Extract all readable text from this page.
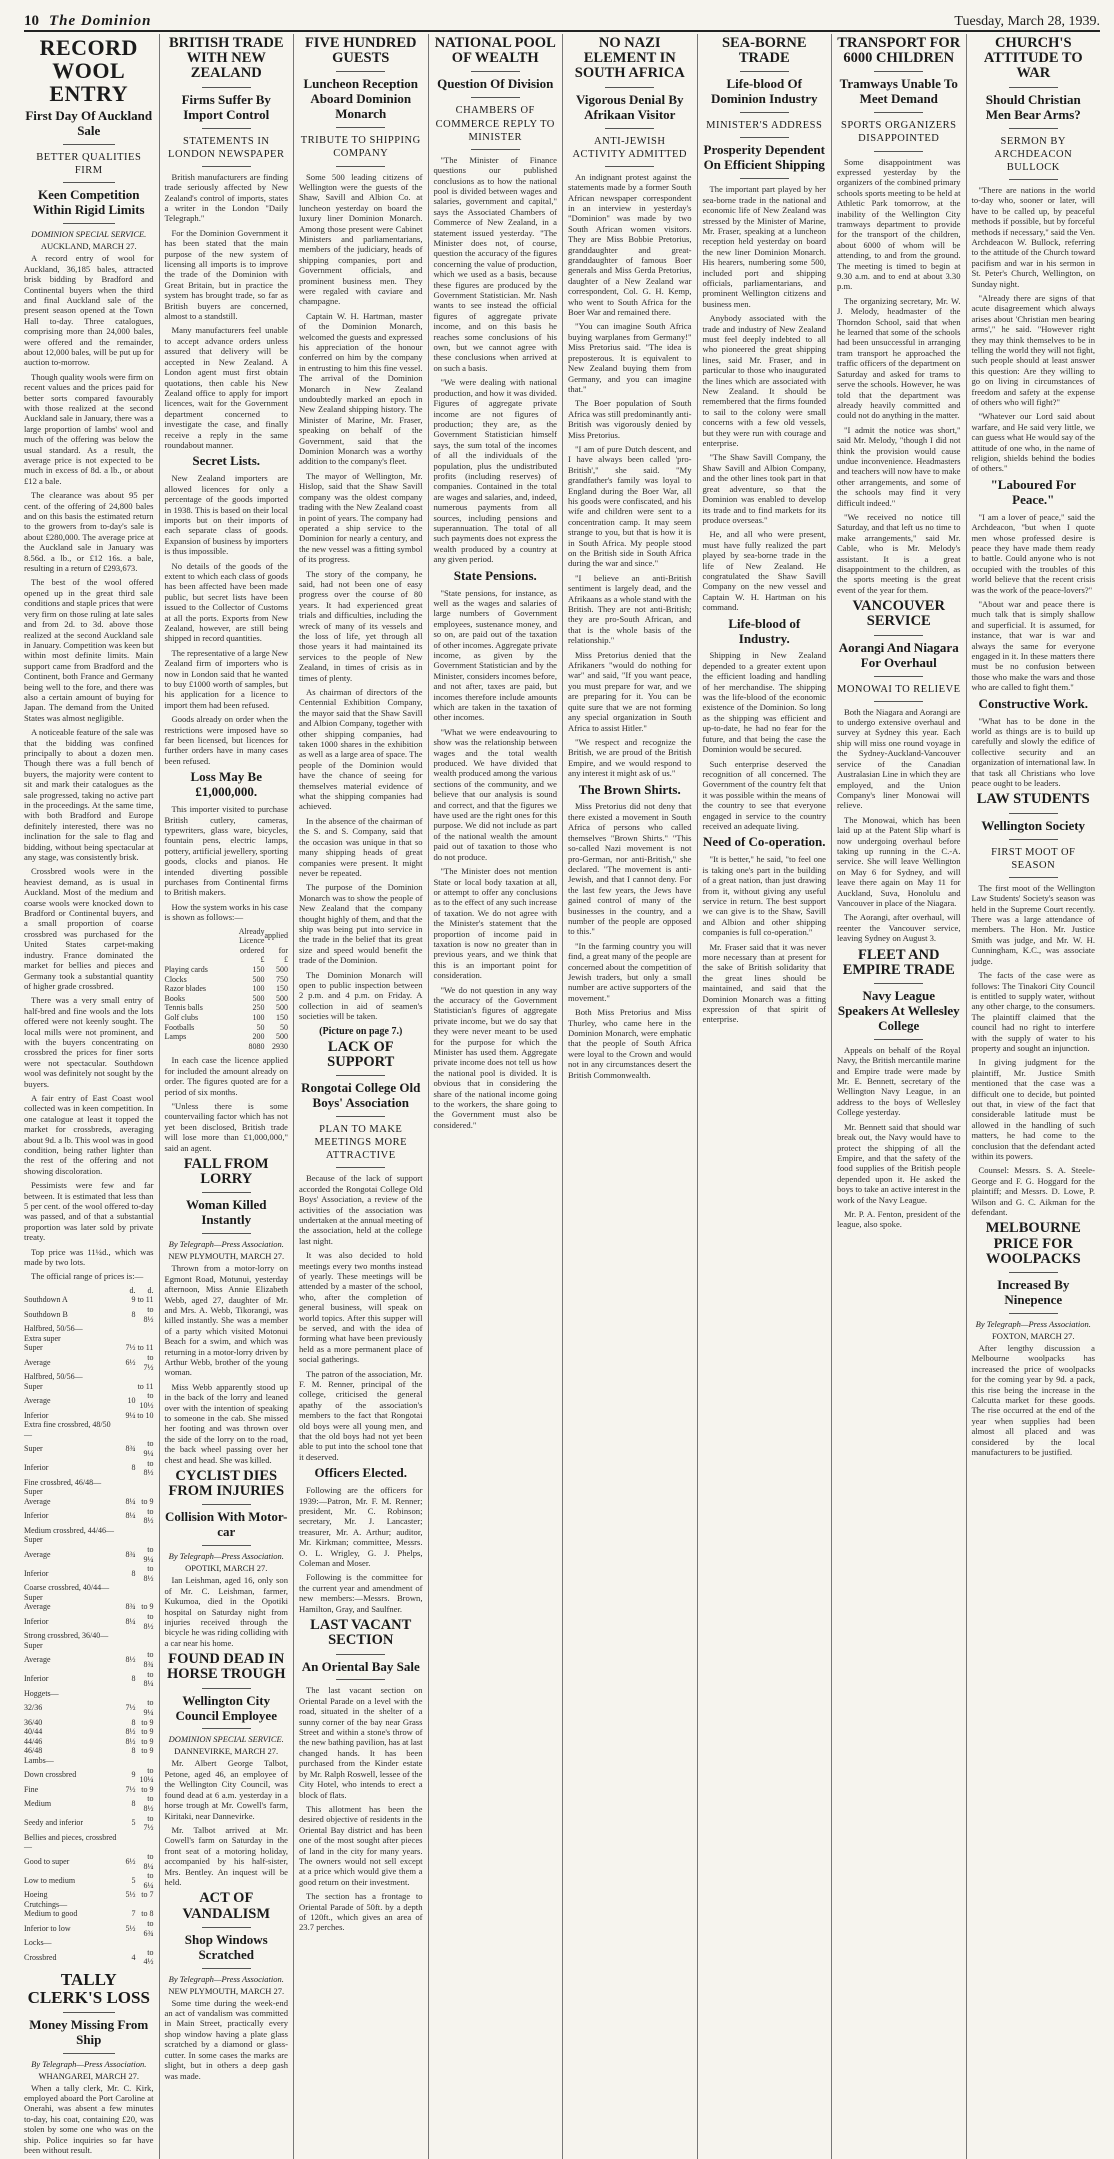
10 The Dominion	Tuesday, March 28, 1939.
RECORD WOOL ENTRY
First Day Of Auckland Sale
BETTER QUALITIES FIRM
Keen Competition Within Rigid Limits
DOMINION SPECIAL SERVICE.
AUCKLAND, MARCH 27.
A record entry of wool for Auckland, 36,185 bales, attracted brisk bidding by Bradford and Continental buyers when the third and final Auckland sale of the present season opened at the Town Hall to-day. Three catalogues, comprising more than 24,000 bales, were offered and the remainder, about 12,000 bales, will be put up for auction to-morrow.
Though quality wools were firm on recent values and the prices paid for better sorts compared favourably with those realized at the second Auckland sale in January, there was a large proportion of lambs' wool and much of the offering was below the usual standard. As a result, the average price is not expected to be much in excess of 8d. a lb., or about £12 a bale.
The clearance was about 95 per cent. of the offering of 24,800 bales and on this basis the estimated return to the growers from to-day's sale is about £280,000. The average price at the Auckland sale in January was 8.56d. a lb., or £12 16s. a bale, resulting in a return of £293,673.
The best of the wool offered opened up in the great third sale conditions and staple prices that were very firm on those ruling at late sales and from 2d. to 3d. above those realized at the second Auckland sale in January. Competition was keen but within most definite limits. Main support came from Bradford and the Continent, both France and Germany being well to the fore, and there was also a certain amount of buying for Japan. The demand from the United States was almost negligible.
A noticeable feature of the sale was that the bidding was confined principally to about a dozen men. Though there was a full bench of buyers, the majority were content to sit and mark their catalogues as the sale progressed, taking no active part in the proceedings. At the same time, with both Bradford and Europe definitely interested, there was no inclination for the sale to flag and bidding, without being spectacular at any stage, was consistently brisk.
Crossbred wools were in the heaviest demand, as is usual in Auckland. Most of the medium and coarse wools were knocked down to Bradford or Continental buyers, and a small proportion of coarse crossbred was purchased for the United States carpet-making industry. France dominated the market for bellies and pieces and Germany took a substantial quantity of higher grade crossbred.
There was a very small entry of half-bred and fine wools and the lots offered were not keenly sought. The local mills were not prominent, and with the buyers concentrating on crossbred the prices for finer sorts were not spectacular. Southdown wool was definitely not sought by the buyers.
A fair entry of East Coast wool collected was in keen competition. In one catalogue at least it topped the market for crossbreds, averaging about 9d. a lb. This wool was in good condition, being rather lighter than the rest of the offering and not showing discoloration.
Pessimists were few and far between. It is estimated that less than 5 per cent. of the wool offered to-day was passed, and of that a substantial proportion was later sold by private treaty.
Top price was 11¼d., which was made by two lots.
The official range of prices is:—
	d.	d.
Southdown A	9	to 11
Southdown B	8	to 8½
Halfbred, 50/56—		
Extra super		
Super	7½	to 11
Average	6½	to 7½
Halfbred, 50/56—		
Super		to 11
Average	10	to 10½
Inferior	9¼	to 10
Extra fine crossbred, 48/50—		
Super	8¾	to 9¼
Inferior	8	to 8½
Fine crossbred, 46/48—		
Super		
Average	8¼	to 9
Inferior	8¼	to 8½
Medium crossbred, 44/46—		
Super		
Average	8¾	to 9¼
Inferior	8	to 8½
Coarse crossbred, 40/44—		
Super		
Average	8¾	to 9
Inferior	8¼	to 8½
Strong crossbred, 36/40—		
Super		
Average	8½	to 8¾
Inferior	8	to 8¼
Hoggets—		
32/36	7½	to 9¼
36/40	8	to 9
40/44	8½	to 9
44/46	8½	to 9
46/48	8	to 9
Lambs—		
Down crossbred	9	to 10¼
Fine	7½	to 9
Medium	8	to 8½
Seedy and inferior	5	to 7½
Bellies and pieces, crossbred—		
Good to super	6½	to 8¼
Low to medium	5	to 6¼
Hoeing	5½	to 7
Crutchings—		
Medium to good	7	to 8
Inferior to low	5½	to 6¾
Locks—		
Crossbred	4	to 4½
TALLY CLERK'S LOSS
Money Missing From Ship
By Telegraph—Press Association.
WHANGAREI, MARCH 27.
When a tally clerk, Mr. C. Kirk, employed aboard the Port Caroline at Onerahi, was absent a few minutes to-day, his coat, containing £20, was stolen by some one who was on the ship. Police inquiries so far have been without result.
BRITISH TRADE WITH NEW ZEALAND
Firms Suffer By Import Control
STATEMENTS IN LONDON NEWSPAPER
British manufacturers are finding trade seriously affected by New Zealand's control of imports, states a writer in the London "Daily Telegraph."
For the Dominion Government it has been stated that the main purpose of the new system of licensing all imports is to improve the trade of the Dominion with Great Britain, but in practice the system has brought trade, so far as British buyers are concerned, almost to a standstill.
Many manufacturers feel unable to accept advance orders unless assured that delivery will be accepted in New Zealand. A London agent must first obtain quotations, then cable his New Zealand office to apply for import licences, wait for the Government department concerned to investigate the case, and finally receive a reply in the same roundabout manner.
Secret Lists.
New Zealand importers are allowed licences for only a percentage of the goods imported in 1938. This is based on their local imports but on their imports of each separate class of goods. Expansion of business by importers is thus impossible.
No details of the goods of the extent to which each class of goods has been affected have been made public, but secret lists have been issued to the Collector of Customs at all the ports. Exports from New Zealand, however, are still being shipped in record quantities.
The representative of a large New Zealand firm of importers who is now in London said that he wanted to buy £1000 worth of samples, but his application for a licence to import them had been refused.
Goods already on order when the restrictions were imposed have so far been licensed, but licences for further orders have in many cases been refused.
Loss May Be £1,000,000.
This importer visited to purchase British cutlery, cameras, typewriters, glass ware, bicycles, fountain pens, electric lamps, pottery, artificial jewellery, sporting goods, clocks and pianos. He intended diverting possible purchases from Continental firms to British makers.
How the system works in his case is shown as follows:—
	Already Licence	applied
	ordered	for
	£	£
Playing cards	150	500
Clocks	500	750
Razor blades	100	150
Books	500	500
Tennis balls	250	500
Golf clubs	100	150
Footballs	50	50
Lamps	200	500
	8080	2930
In each case the licence applied for included the amount already on order. The figures quoted are for a period of six months.
"Unless there is some countervailing factor which has not yet been disclosed, British trade will lose more than £1,000,000," said an agent.
FALL FROM LORRY
Woman Killed Instantly
By Telegraph—Press Association.
NEW PLYMOUTH, MARCH 27.
Thrown from a motor-lorry on Egmont Road, Motunui, yesterday afternoon, Miss Annie Elizabeth Webb, aged 27, daughter of Mr. and Mrs. A. Webb, Tikorangi, was killed instantly. She was a member of a party which visited Motonui Beach for a swim, and which was returning in a motor-lorry driven by Arthur Webb, brother of the young woman.
Miss Webb apparently stood up in the back of the lorry and leaned over with the intention of speaking to someone in the cab. She missed her footing and was thrown over the side of the lorry on to the road, the back wheel passing over her chest and head. She was killed.
CYCLIST DIES FROM INJURIES
Collision With Motor-car
By Telegraph—Press Association.
OPOTIKI, MARCH 27.
Ian Leishman, aged 16, only son of Mr. C. Leishman, farmer, Kukumoa, died in the Opotiki hospital on Saturday night from injuries received through the bicycle he was riding colliding with a car near his home.
FOUND DEAD IN HORSE TROUGH
Wellington City Council Employee
DOMINION SPECIAL SERVICE.
DANNEVIRKE, MARCH 27.
Mr. Albert George Talbot, Petone, aged 46, an employee of the Wellington City Council, was found dead at 6 a.m. yesterday in a horse trough at Mr. Cowell's farm, Kiritaki, near Dannevirke.
Mr. Talbot arrived at Mr. Cowell's farm on Saturday in the front seat of a motoring holiday, accompanied by his half-sister, Mrs. Bentley. An inquest will be held.
ACT OF VANDALISM
Shop Windows Scratched
By Telegraph—Press Association.
NEW PLYMOUTH, MARCH 27.
Some time during the week-end an act of vandalism was committed in Main Street, practically every shop window having a plate glass scratched by a diamond or glass-cutter. In some cases the marks are slight, but in others a deep gash was made.
FIVE HUNDRED GUESTS
Luncheon Reception Aboard Dominion Monarch
TRIBUTE TO SHIPPING COMPANY
Some 500 leading citizens of Wellington were the guests of the Shaw, Savill and Albion Co. at luncheon yesterday on board the luxury liner Dominion Monarch. Among those present were Cabinet Ministers and parliamentarians, members of the judiciary, heads of shipping companies, port and Government officials, and prominent business men. They were regaled with caviare and champagne.
Captain W. H. Hartman, master of the Dominion Monarch, welcomed the guests and expressed his appreciation of the honour conferred on him by the company in entrusting to him this fine vessel. The arrival of the Dominion Monarch in New Zealand undoubtedly marked an epoch in New Zealand shipping history. The Minister of Marine, Mr. Fraser, speaking on behalf of the Government, said that the Dominion Monarch was a worthy addition to the company's fleet.
The mayor of Wellington, Mr. Hislop, said that the Shaw Savill company was the oldest company trading with the New Zealand coast in point of years. The company had operated a ship service to the Dominion for nearly a century, and the new vessel was a fitting symbol of its progress.
The story of the company, he said, had not been one of easy progress over the course of 80 years. It had experienced great trials and difficulties, including the wreck of many of its vessels and the loss of life, yet through all those years it had maintained its services to the people of New Zealand, in times of crisis as in times of plenty.
As chairman of directors of the Centennial Exhibition Company, the mayor said that the Shaw Savill and Albion Company, together with other shipping companies, had taken 1000 shares in the exhibition as well as a large area of space. The people of the Dominion would have the chance of seeing for themselves material evidence of what the shipping companies had achieved.
In the absence of the chairman of the S. and S. Company, said that the occasion was unique in that so many shipping heads of great companies were present. It might never be repeated.
The purpose of the Dominion Monarch was to show the people of New Zealand that the company thought highly of them, and that the ship was being put into service in the trade in the belief that its great size and speed would benefit the trade of the Dominion.
The Dominion Monarch will open to public inspection between 2 p.m. and 4 p.m. on Friday. A collection in aid of seamen's societies will be taken.
(Picture on page 7.)
LACK OF SUPPORT
Rongotai College Old Boys' Association
PLAN TO MAKE MEETINGS MORE ATTRACTIVE
Because of the lack of support accorded the Rongotai College Old Boys' Association, a review of the activities of the association was undertaken at the annual meeting of the association, held at the college last night.
It was also decided to hold meetings every two months instead of yearly. These meetings will be attended by a master of the school, who, after the completion of general business, will speak on world topics. After this supper will be served, and with the idea of forming what have been previously held as a more permanent place of social gatherings.
The patron of the association, Mr. F. M. Renner, principal of the college, criticised the general apathy of the association's members to the fact that Rongotai old boys were all young men, and that the old boys had not yet been able to put into the school tone that it deserved.
Officers Elected.
Following are the officers for 1939:—Patron, Mr. F. M. Renner; president, Mr. C. Robinson; secretary, Mr. J. Lancaster; treasurer, Mr. A. Arthur; auditor, Mr. Kirkman; committee, Messrs. O. L. Wrigley, G. J. Phelps, Coleman and Moser.
Following is the committee for the current year and amendment of new members:—Messrs. Brown, Hamilton, Gray, and Saulfner.
LAST VACANT SECTION
An Oriental Bay Sale
The last vacant section on Oriental Parade on a level with the road, situated in the shelter of a sunny corner of the bay near Grass Street and within a stone's throw of the new bathing pavilion, has at last changed hands. It has been purchased from the Kinder estate by Mr. Ralph Roswell, lessee of the City Hotel, who intends to erect a block of flats.
This allotment has been the desired objective of residents in the Oriental Bay district and has been one of the most sought after pieces of land in the city for many years. The owners would not sell except at a price which would give them a good return on their investment.
The section has a frontage to Oriental Parade of 50ft. by a depth of 120ft., which gives an area of 23.7 perches.
NATIONAL POOL OF WEALTH
Question Of Division
CHAMBERS OF COMMERCE REPLY TO MINISTER
"The Minister of Finance questions our published conclusions as to how the national pool is divided between wages and salaries, government and capital," says the Associated Chambers of Commerce of New Zealand, in a statement issued yesterday. "The Minister does not, of course, question the accuracy of the figures concerning the value of production, which we used as a basis, because these figures are produced by the Government Statistician. Mr. Nash wants to see instead the official figures of aggregate private income, and on this basis he reaches some conclusions of his own, but we cannot agree with these conclusions when arrived at on such a basis.
"We were dealing with national production, and how it was divided. Figures of aggregate private income are not figures of production; they are, as the Government Statistician himself says, the sum total of the incomes of all the individuals of the population, plus the undistributed profits (including reserves) of companies. Contained in the total are wages and salaries, and, indeed, numerous payments from all sources, including pensions and superannuation. The total of all such payments does not express the wealth produced by a country at any given period.
State Pensions.
"State pensions, for instance, as well as the wages and salaries of large numbers of Government employees, sustenance money, and so on, are paid out of the taxation of other incomes. Aggregate private income, as given by the Government Statistician and by the Minister, considers incomes before, and not after, taxes are paid, but incomes therefore include amounts which are taken in the taxation of other incomes.
"What we were endeavouring to show was the relationship between wages and the total wealth produced. We have divided that wealth produced among the various sections of the community, and we believe that our analysis is sound and correct, and that the figures we have used are the right ones for this purpose. We did not include as part of the national wealth the amount paid out of taxation to those who do not produce.
"The Minister does not mention State or local body taxation at all, or attempt to offer any conclusions as to the effect of any such increase of taxation. We do not agree with the Minister's statement that the proportion of income paid in taxation is now no greater than in previous years, and we think that this is an important point for consideration.
"We do not question in any way the accuracy of the Government Statistician's figures of aggregate private income, but we do say that they were never meant to be used for the purpose for which the Minister has used them. Aggregate private income does not tell us how the national pool is divided. It is obvious that in considering the share of the national income going to the workers, the share going to the Government must also be considered."
NO NAZI ELEMENT IN SOUTH AFRICA
Vigorous Denial By Afrikaan Visitor
ANTI-JEWISH ACTIVITY ADMITTED
An indignant protest against the statements made by a former South African newspaper correspondent in an interview in yesterday's "Dominion" was made by two South African women visitors. They are Miss Bobbie Pretorius, granddaughter and great-granddaughter of famous Boer generals and Miss Gerda Pretorius, daughter of a New Zealand war correspondent, Col. G. H. Kemp, who went to South Africa for the Boer War and remained there.
"You can imagine South Africa buying warplanes from Germany!" Miss Pretorius said. "The idea is preposterous. It is equivalent to New Zealand buying them from Germany, and you can imagine that."
The Boer population of South Africa was still predominantly anti-British was vigorously denied by Miss Pretorius.
"I am of pure Dutch descent, and I have always been called 'pro-British'," she said. "My grandfather's family was loyal to England during the Boer War, all his goods were confiscated, and his wife and children were sent to a concentration camp. It may seem strange to you, but that is how it is in South Africa. My people stood on the British side in South Africa during the war and since."
"I believe an anti-British sentiment is largely dead, and the Afrikaans as a whole stand with the British. They are not anti-British; they are pro-South African, and that is the whole basis of the relationship."
Miss Pretorius denied that the Afrikaners "would do nothing for war" and said, "If you want peace, you must prepare for war, and we are preparing for it. You can be quite sure that we are not forming any special organization in South Africa to assist Hitler."
"We respect and recognize the British, we are proud of the British Empire, and we would respond to any interest it might ask of us."
The Brown Shirts.
Miss Pretorius did not deny that there existed a movement in South Africa of persons who called themselves "Brown Shirts." "This so-called Nazi movement is not pro-German, nor anti-British," she declared. "The movement is anti-Jewish, and that I cannot deny. For the last few years, the Jews have gained control of many of the businesses in the country, and a number of the people are opposed to this."
"In the farming country you will find, a great many of the people are concerned about the competition of Jewish traders, but only a small number are active supporters of the movement."
Both Miss Pretorius and Miss Thurley, who came here in the Dominion Monarch, were emphatic that the people of South Africa were loyal to the Crown and would not in any circumstances desert the British Commonwealth.
SEA-BORNE TRADE
Life-blood Of Dominion Industry
MINISTER'S ADDRESS
Prosperity Dependent On Efficient Shipping
The important part played by her sea-borne trade in the national and economic life of New Zealand was stressed by the Minister of Marine, Mr. Fraser, speaking at a luncheon reception held yesterday on board the new liner Dominion Monarch. His hearers, numbering some 500, included port and shipping officials, parliamentarians, and prominent Wellington citizens and business men.
Anybody associated with the trade and industry of New Zealand must feel deeply indebted to all who pioneered the great shipping lines, said Mr. Fraser, and in particular to those who inaugurated the lines which are associated with New Zealand. It should be remembered that the firms founded to sail to the colony were small concerns with a few old vessels, but they were run with courage and enterprise.
"The Shaw Savill Company, the Shaw Savill and Albion Company, and the other lines took part in that great adventure, so that the Dominion was enabled to develop its trade and to find markets for its produce overseas."
He, and all who were present, must have fully realized the part played by sea-borne trade in the life of New Zealand. He congratulated the Shaw Savill Company on the new vessel and Captain W. H. Hartman on his command.
Life-blood of Industry.
Shipping in New Zealand depended to a greater extent upon the efficient loading and handling of her merchandise. The shipping was the life-blood of the economic existence of the Dominion. So long as the shipping was efficient and up-to-date, he had no fear for the future, and that being the case the Dominion would be secured.
Such enterprise deserved the recognition of all concerned. The Government of the country felt that it was possible within the means of the country to see that everyone engaged in service to the country received an adequate living.
Need of Co-operation.
"It is better," he said, "to feel one is taking one's part in the building of a great nation, than just drawing from it, without giving any useful service in return. The best support we can give is to the Shaw, Savill and Albion and other shipping companies is full co-operation."
Mr. Fraser said that it was never more necessary than at present for the sake of British solidarity that the great lines should be maintained, and said that the Dominion Monarch was a fitting expression of that spirit of enterprise.
TRANSPORT FOR 6000 CHILDREN
Tramways Unable To Meet Demand
SPORTS ORGANIZERS DISAPPOINTED
Some disappointment was expressed yesterday by the organizers of the combined primary schools sports meeting to be held at Athletic Park tomorrow, at the inability of the Wellington City tramways department to provide for the transport of the children, about 6000 of whom will be attending, to and from the ground. The meeting is timed to begin at 9.30 a.m. and to end at about 3.30 p.m.
The organizing secretary, Mr. W. J. Melody, headmaster of the Thorndon School, said that when he learned that some of the schools had been unsuccessful in arranging tram transport he approached the traffic officers of the department on Saturday and asked for trams to serve the schools. However, he was told that the department was already heavily committed and could not do anything in the matter.
"I admit the notice was short," said Mr. Melody, "though I did not think the provision would cause undue inconvenience. Headmasters and teachers will now have to make other arrangements, and some of the schools may find it very difficult indeed."
"We received no notice till Saturday, and that left us no time to make arrangements," said Mr. Cable, who is Mr. Melody's assistant. It is a great disappointment to the children, as the sports meeting is the great event of the year for them.
VANCOUVER SERVICE
Aorangi And Niagara For Overhaul
MONOWAI TO RELIEVE
Both the Niagara and Aorangi are to undergo extensive overhaul and survey at Sydney this year. Each ship will miss one round voyage in the Sydney-Auckland-Vancouver service of the Canadian Australasian Line in which they are employed, and the Union Company's liner Monowai will relieve.
The Monowai, which has been laid up at the Patent Slip wharf is now undergoing overhaul before taking up running in the C.-A. service. She will leave Wellington on May 6 for Sydney, and will leave there again on May 11 for Auckland, Suva, Honolulu and Vancouver in place of the Niagara.
The Aorangi, after overhaul, will reenter the Vancouver service, leaving Sydney on August 3.
FLEET AND EMPIRE TRADE
Navy League Speakers At Wellesley College
Appeals on behalf of the Royal Navy, the British mercantile marine and Empire trade were made by Mr. E. Bennett, secretary of the Wellington Navy League, in an address to the boys of Wellesley College yesterday.
Mr. Bennett said that should war break out, the Navy would have to protect the shipping of all the Empire, and that the safety of the food supplies of the British people depended upon it. He asked the boys to take an active interest in the work of the Navy League.
Mr. P. A. Fenton, president of the league, also spoke.
CHURCH'S ATTITUDE TO WAR
Should Christian Men Bear Arms?
SERMON BY ARCHDEACON BULLOCK
"There are nations in the world to-day who, sooner or later, will have to be called up, by peaceful methods if possible, but by forceful methods if necessary," said the Ven. Archdeacon W. Bullock, referring to the attitude of the Church toward pacifism and war in his sermon in St. Peter's Church, Wellington, on Sunday night.
"Already there are signs of that acute disagreement which always arises about 'Christian men bearing arms'," he said. "However right they may think themselves to be in telling the world they will not fight, such people should at least answer this question: Are they willing to go on living in circumstances of freedom and safety at the expense of others who will fight?"
"Whatever our Lord said about warfare, and He said very little, we can guess what He would say of the attitude of one who, in the name of religion, shields behind the bodies of others."
"Laboured For Peace."
"I am a lover of peace," said the Archdeacon, "but when I quote men whose professed desire is peace they have made them ready to battle. Could anyone who is not occupied with the troubles of this world believe that the recent crisis was the work of the peace-lovers?"
"About war and peace there is much talk that is simply shallow and superficial. It is assumed, for instance, that war is war and always the same for everyone engaged in it. In these matters there must be no confusion between those who make the wars and those who are called to fight them."
Constructive Work.
"What has to be done in the world as things are is to build up carefully and slowly the edifice of collective security and an organization of international law. In that task all Christians who love peace ought to be leaders.
LAW STUDENTS
Wellington Society
FIRST MOOT OF SEASON
The first moot of the Wellington Law Students' Society's season was held in the Supreme Court recently. There was a large attendance of members. The Hon. Mr. Justice Smith was judge, and Mr. W. H. Cunningham, K.C., was associate judge.
The facts of the case were as follows: The Tinakori City Council is entitled to supply water, without any other charge, to the consumers. The plaintiff claimed that the council had no right to interfere with the supply of water to his property and sought an injunction.
In giving judgment for the plaintiff, Mr. Justice Smith mentioned that the case was a difficult one to decide, but pointed out that, in view of the fact that considerable latitude must be allowed in the handling of such matters, he had come to the conclusion that the defendant acted within its powers.
Counsel: Messrs. S. A. Steele-George and F. G. Hoggard for the plaintiff; and Messrs. D. Lowe, P. Wilson and G. C. Aikman for the defendant.
MELBOURNE PRICE FOR WOOLPACKS
Increased By Ninepence
By Telegraph—Press Association.
FOXTON, MARCH 27.
After lengthy discussion a Melbourne woolpacks has increased the price of woolpacks for the coming year by 9d. a pack, this rise being the increase in the Calcutta market for these goods. The rise occurred at the end of the year when supplies had been almost all placed and was considered by the local manufacturers to be justified.
